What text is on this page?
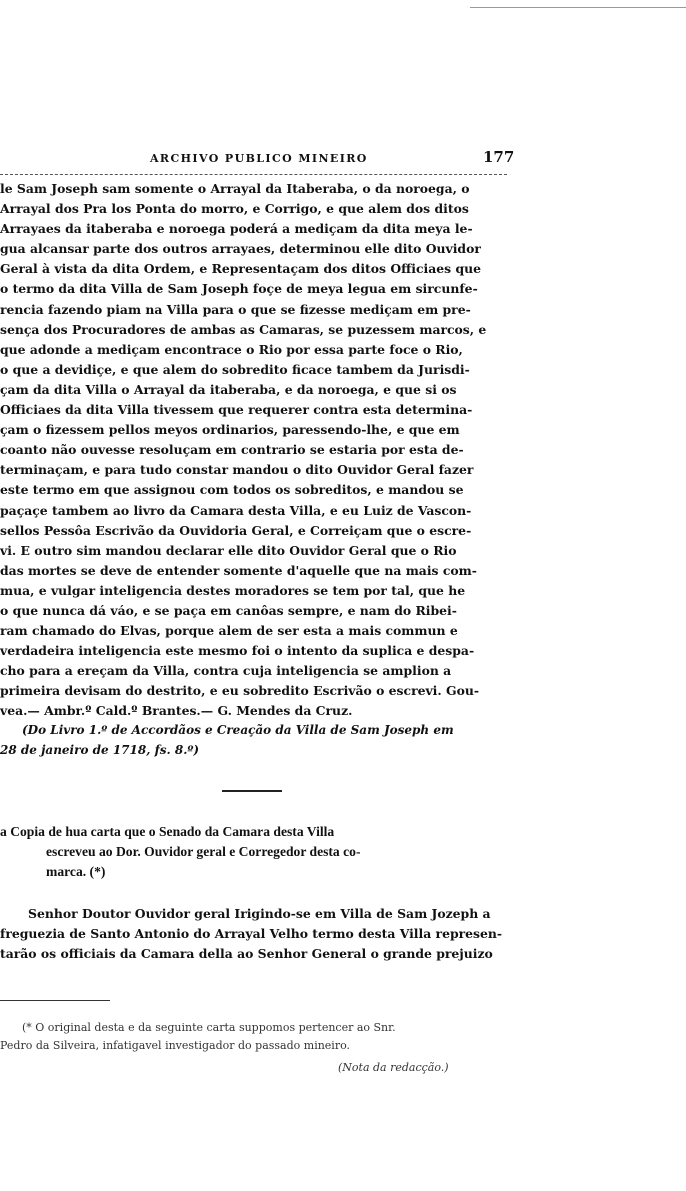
ARCHIVO PUBLICO MINEIRO	177

le Sam Joseph sam somente o Arrayal da Itaberaba, o da noroega, o
Arrayal dos Pra los Ponta do morro, e Corrigo, e que alem dos ditos
Arrayaes da itaberaba e noroega poderá a mediçam da dita meya le-
gua alcansar parte dos outros arrayaes, determinou elle dito Ouvidor
Geral à vista da dita Ordem, e Representaçam dos ditos Officiaes que
o termo da dita Villa de Sam Joseph foçe de meya legua em sircunfe-
rencia fazendo piam na Villa para o que se fizesse mediçam em pre-
sença dos Procuradores de ambas as Camaras, se puzessem marcos, e
que adonde a mediçam encontrace o Rio por essa parte foce o Rio,
o que a devidiçe, e que alem do sobredito ficace tambem da Jurisdi-
çam da dita Villa o Arrayal da itaberaba, e da noroega, e que si os
Officiaes da dita Villa tivessem que requerer contra esta determina-
çam o fizessem pellos meyos ordinarios, paressendo-lhe, e que em
coanto não ouvesse resoluçam em contrario se estaria por esta de-
terminaçam, e para tudo constar mandou o dito Ouvidor Geral fazer
este termo em que assignou com todos os sobreditos, e mandou se
paçaçe tambem ao livro da Camara desta Villa, e eu Luiz de Vascon-
sellos Pessôa Escrivão da Ouvidoria Geral, e Correiçam que o escre-
vi. E outro sim mandou declarar elle dito Ouvidor Geral que o Rio
das mortes se deve de entender somente d'aquelle que na mais com-
mua, e vulgar inteligencia destes moradores se tem por tal, que he
o que nunca dá váo, e se paça em canôas sempre, e nam do Ribei-
ram chamado do Elvas, porque alem de ser esta a mais commun e
verdadeira inteligencia este mesmo foi o intento da suplica e despa-
cho para a ereçam da Villa, contra cuja inteligencia se amplion a
primeira devisam do destrito, e eu sobredito Escrivão o escrevi. Gou-
vea.— Ambr.º Cald.º Brantes.— G. Mendes da Cruz.

(Do Livro 1.º de Accordãos e Creação da Villa de Sam Joseph em
28 de janeiro de 1718, fs. 8.º)
a Copia de hua carta que o Senado da Camara desta Villa
escreveu ao Dor. Ouvidor geral e Corregedor desta co-
marca. (*)

Senhor Doutor Ouvidor geral Irigindo-se em Villa de Sam Jozeph a
freguezia de Santo Antonio do Arrayal Velho termo desta Villa represen-
tarão os officiais da Camara della ao Senhor General o grande prejuizo

(* O original desta e da seguinte carta suppomos pertencer ao Snr.
Pedro da Silveira, infatigavel investigador do passado mineiro.
(Nota da redacção.)
